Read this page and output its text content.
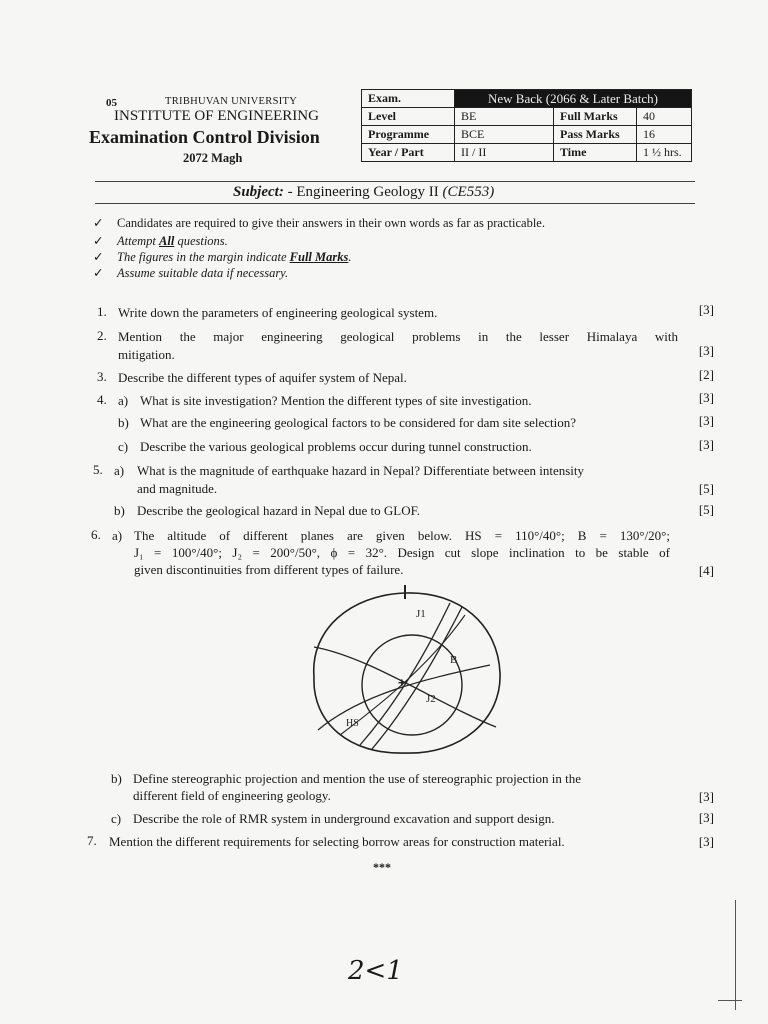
05	TRIBHUVAN UNIVERSITY
INSTITUTE OF ENGINEERING
Examination Control Division
2072 Magh
Exam.	New Back (2066 & Later Batch)		
Level	BE	Full Marks	40
Programme	BCE	Pass Marks	16
Year / Part	II / II	Time	1 ½ hrs.
Subject: - Engineering Geology II (CE553)
✓ Candidates are required to give their answers in their own words as far as practicable.
✓ Attempt All questions.
✓ The figures in the margin indicate Full Marks.
✓ Assume suitable data if necessary.
1. Write down the parameters of engineering geological system.	[3]
2. Mention the major engineering geological problems in the lesser Himalaya with
mitigation.	[3]
3. Describe the different types of aquifer system of Nepal.	[2]
4. a) What is site investigation? Mention the different types of site investigation.	[3]
b) What are the engineering geological factors to be considered for dam site selection?	[3]
c) Describe the various geological problems occur during tunnel construction.	[3]
5. a) What is the magnitude of earthquake hazard in Nepal? Differentiate between intensity
and magnitude.	[5]
b) Describe the geological hazard in Nepal due to GLOF.	[5]
6. a) The altitude of different planes are given below. HS = 110°/40°; B = 130°/20°;
J₁ = 100°/40°; J₂ = 200°/50°, ϕ = 32°. Design cut slope inclination to be stable of
given discontinuities from different types of failure.	[4]
J1
B
J2
HS
+
b) Define stereographic projection and mention the use of stereographic projection in the
different field of engineering geology.	[3]
c) Describe the role of RMR system in underground excavation and support design.	[3]
7. Mention the different requirements for selecting borrow areas for construction material.	[3]
***
2<1
